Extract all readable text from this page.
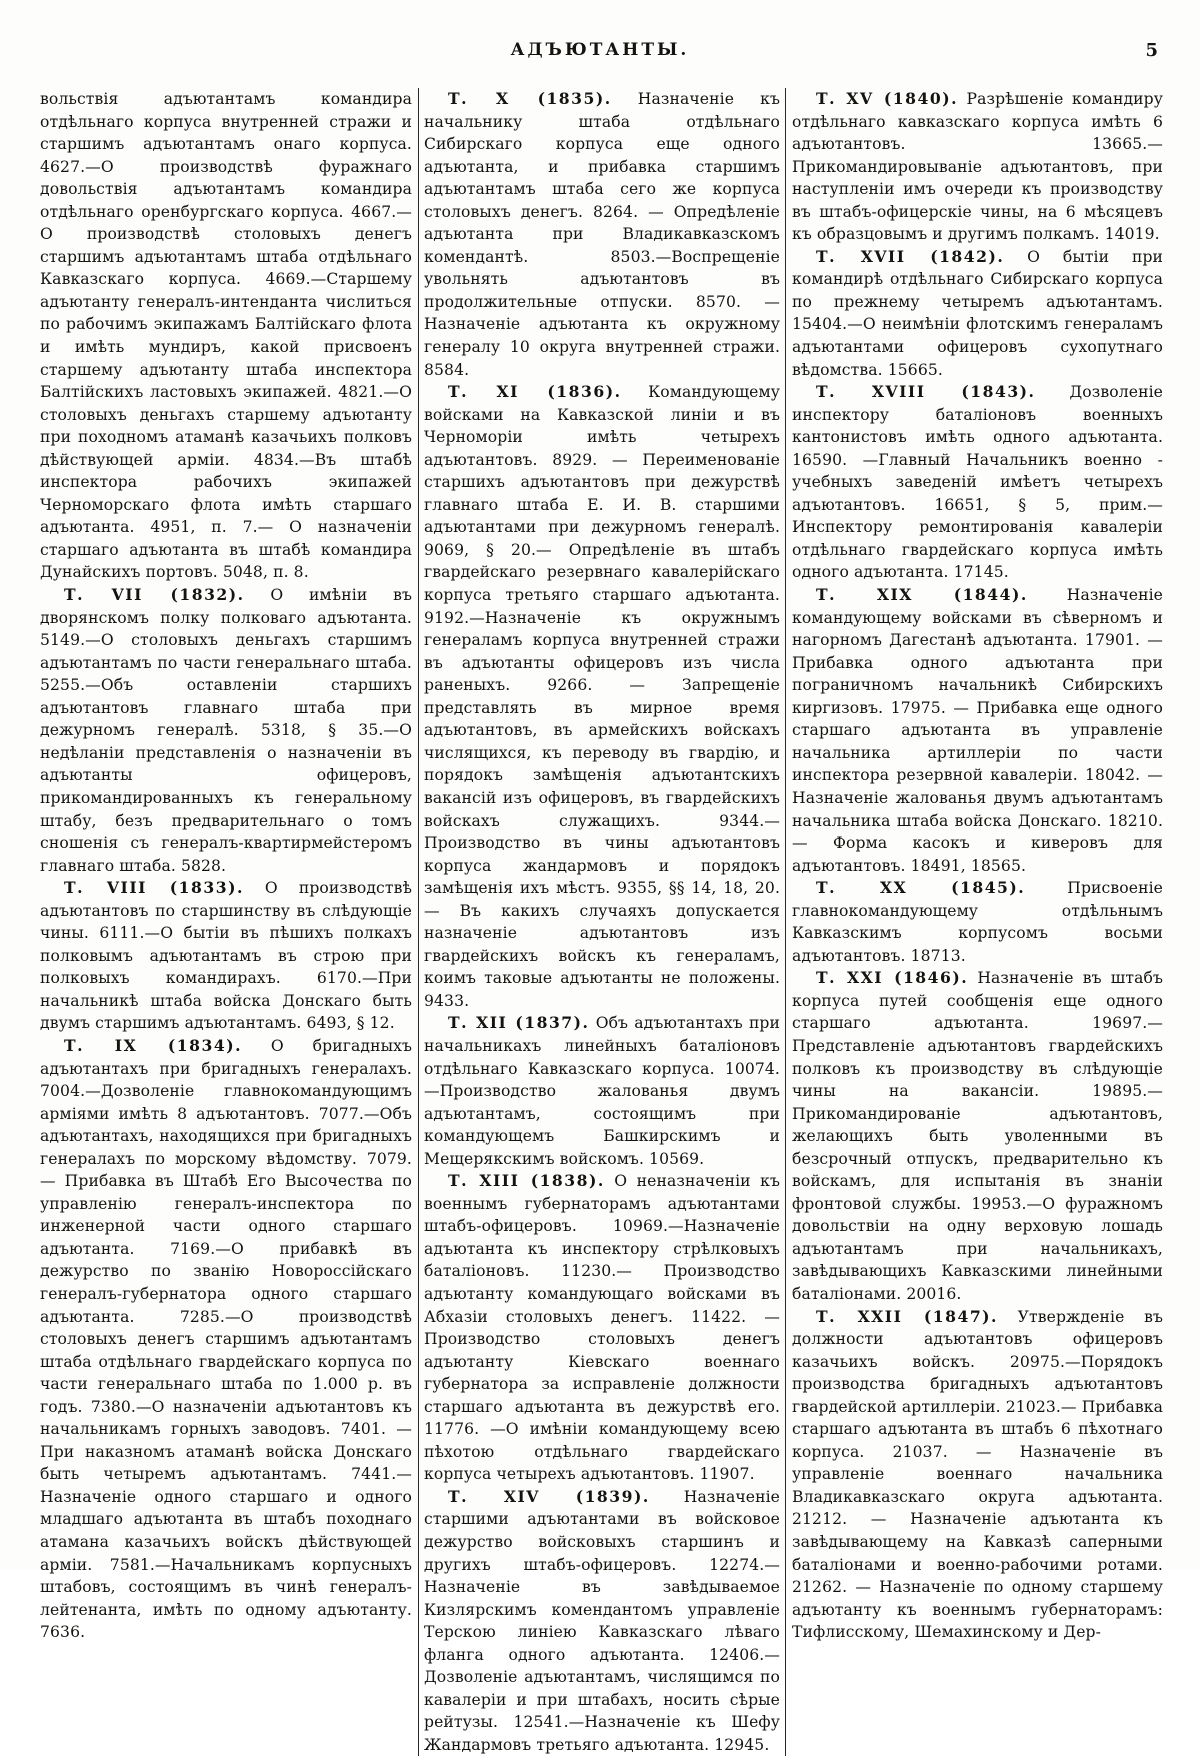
АДЪЮТАНТЫ.	5

вольствія адъютантамъ командира отдѣльнаго корпуса внутренней стражи и старшимъ адъютантамъ онаго корпуса. 4627.—О производствѣ фуражнаго довольствія адъютантамъ командира отдѣльнаго оренбургскаго корпуса. 4667.— О производствѣ столовыхъ денегъ старшимъ адъютантамъ штаба отдѣльнаго Кавказскаго корпуса. 4669.—Старшему адъютанту генералъ-интенданта числиться по рабочимъ экипажамъ Балтійскаго флота и имѣть мундиръ, какой присвоенъ старшему адъютанту штаба инспектора Балтійскихъ ластовыхъ экипажей. 4821.—О столовыхъ деньгахъ старшему адъютанту при походномъ атаманѣ казачьихъ полковъ дѣйствующей арміи. 4834.—Въ штабѣ инспектора рабочихъ экипажей Черноморскаго флота имѣть старшаго адъютанта. 4951, п. 7.— О назначеніи старшаго адъютанта въ штабѣ командира Дунайскихъ портовъ. 5048, п. 8.

Т. VII (1832). О имѣніи въ дворянскомъ полку полковаго адъютанта. 5149.—О столовыхъ деньгахъ старшимъ адъютантамъ по части генеральнаго штаба. 5255.—Объ оставленіи старшихъ адъютантовъ главнаго штаба при дежурномъ генералѣ. 5318, § 35.—О недѣланіи представленія о назначеніи въ адъютанты офицеровъ, прикомандированныхъ къ генеральному штабу, безъ предварительнаго о томъ сношенія съ генералъ-квартирмейстеромъ главнаго штаба. 5828.

Т. VIII (1833). О производствѣ адъютантовъ по старшинству въ слѣдующіе чины. 6111.—О бытіи въ пѣшихъ полкахъ полковымъ адъютантамъ въ строю при полковыхъ командирахъ. 6170.—При начальникѣ штаба войска Донскаго быть двумъ старшимъ адъютантамъ. 6493, § 12.

Т. IX (1834). О бригадныхъ адъютантахъ при бригадныхъ генералахъ. 7004.—Дозволеніе главнокомандующимъ арміями имѣть 8 адъютантовъ. 7077.—Объ адъютантахъ, находящихся при бригадныхъ генералахъ по морскому вѣдомству. 7079. — Прибавка въ Штабѣ Его Высочества по управленію генералъ-инспектора по инженерной части одного старшаго адъютанта. 7169.—О прибавкѣ въ дежурство по званію Новороссійскаго генералъ-губернатора одного старшаго адъютанта. 7285.—О производствѣ столовыхъ денегъ старшимъ адъютантамъ штаба отдѣльнаго гвардейскаго корпуса по части генеральнаго штаба по 1.000 р. въ годъ. 7380.—О назначеніи адъютантовъ къ начальникамъ горныхъ заводовъ. 7401. — При наказномъ атаманѣ войска Донскаго быть четыремъ адъютантамъ. 7441.—Назначеніе одного старшаго и одного младшаго адъютанта въ штабъ походнаго атамана казачьихъ войскъ дѣйствующей арміи. 7581.—Начальникамъ корпусныхъ штабовъ, состоящимъ въ чинѣ генералъ-лейтенанта, имѣть по одному адъютанту. 7636.

Т. X (1835). Назначеніе къ начальнику штаба отдѣльнаго Сибирскаго корпуса еще одного адъютанта, и прибавка старшимъ адъютантамъ штаба сего же корпуса столовыхъ денегъ. 8264. — Опредѣленіе адъютанта при Владикавказскомъ комендантѣ. 8503.—Воспрещеніе увольнять адъютантовъ въ продолжительные отпуски. 8570. — Назначеніе адъютанта къ окружному генералу 10 округа внутренней стражи. 8584.

Т. XI (1836). Командующему войсками на Кавказской линіи и въ Черноморіи имѣть четырехъ адъютантовъ. 8929. — Переименованіе старшихъ адъютантовъ при дежурствѣ главнаго штаба Е. И. В. старшими адъютантами при дежурномъ генералѣ. 9069, § 20.— Опредѣленіе въ штабъ гвардейскаго резервнаго кавалерійскаго корпуса третьяго старшаго адъютанта. 9192.—Назначеніе къ окружнымъ генераламъ корпуса внутренней стражи въ адъютанты офицеровъ изъ числа раненыхъ. 9266. — Запрещеніе представлять въ мирное время адъютантовъ, въ армейскихъ войскахъ числящихся, къ переводу въ гвардію, и порядокъ замѣщенія адъютантскихъ вакансій изъ офицеровъ, въ гвардейскихъ войскахъ служащихъ. 9344.—Производство въ чины адъютантовъ корпуса жандармовъ и порядокъ замѣщенія ихъ мѣстъ. 9355, §§ 14, 18, 20. — Въ какихъ случаяхъ допускается назначеніе адъютантовъ изъ гвардейскихъ войскъ къ генераламъ, коимъ таковые адъютанты не положены. 9433.

Т. XII (1837). Объ адъютантахъ при начальникахъ линейныхъ баталіоновъ отдѣльнаго Кавказскаго корпуса. 10074.—Производство жалованья двумъ адъютантамъ, состоящимъ при командующемъ Башкирскимъ и Мещерякскимъ войскомъ. 10569.

Т. XIII (1838). О неназначеніи къ военнымъ губернаторамъ адъютантами штабъ-офицеровъ. 10969.—Назначеніе адъютанта къ инспектору стрѣлковыхъ баталіоновъ. 11230.— Производство адъютанту командующаго войсками въ Абхазіи столовыхъ денегъ. 11422. — Производство столовыхъ денегъ адъютанту Кіевскаго военнаго губернатора за исправленіе должности старшаго адъютанта въ дежурствѣ его. 11776. —О имѣніи командующему всею пѣхотою отдѣльнаго гвардейскаго корпуса четырехъ адъютантовъ. 11907.

Т. XIV (1839). Назначеніе старшими адъютантами въ войсковое дежурство войсковыхъ старшинъ и другихъ штабъ-офицеровъ. 12274.—Назначеніе въ завѣдываемое Кизлярскимъ комендантомъ управленіе Терскою линіею Кавказскаго лѣваго фланга одного адъютанта. 12406.— Дозволеніе адъютантамъ, числящимся по кавалеріи и при штабахъ, носить сѣрые рейтузы. 12541.—Назначеніе къ Шефу Жандармовъ третьяго адъютанта. 12945.

Т. XV (1840). Разрѣшеніе командиру отдѣльнаго кавказскаго корпуса имѣть 6 адъютантовъ. 13665.—Прикомандировываніе адъютантовъ, при наступленіи имъ очереди къ производству въ штабъ-офицерскіе чины, на 6 мѣсяцевъ къ образцовымъ и другимъ полкамъ. 14019.

Т. XVII (1842). О бытіи при командирѣ отдѣльнаго Сибирскаго корпуса по прежнему четыремъ адъютантамъ. 15404.—О неимѣніи флотскимъ генераламъ адъютантами офицеровъ сухопутнаго вѣдомства. 15665.

Т. XVIII (1843). Дозволеніе инспектору баталіоновъ военныхъ кантонистовъ имѣть одного адъютанта. 16590. —Главный Начальникъ военно - учебныхъ заведеній имѣетъ четырехъ адъютантовъ. 16651, § 5, прим.— Инспектору ремонтированія кавалеріи отдѣльнаго гвардейскаго корпуса имѣть одного адъютанта. 17145.

Т. XIX (1844). Назначеніе командующему войсками въ сѣверномъ и нагорномъ Дагестанѣ адъютанта. 17901. — Прибавка одного адъютанта при пограничномъ начальникѣ Сибирскихъ киргизовъ. 17975. — Прибавка еще одного старшаго адъютанта въ управленіе начальника артиллеріи по части инспектора резервной кавалеріи. 18042. — Назначеніе жалованья двумъ адъютантамъ начальника штаба войска Донскаго. 18210.— Форма касокъ и киверовъ для адъютантовъ. 18491, 18565.

Т. XX (1845).	Присвоеніе главнокомандующему отдѣльнымъ Кавказскимъ корпусомъ восьми адъютантовъ. 18713.

Т. XXI (1846). Назначеніе въ штабъ корпуса путей сообщенія еще одного старшаго адъютанта. 19697.—Представленіе адъютантовъ гвардейскихъ полковъ къ производству въ слѣдующіе чины на вакансіи. 19895.— Прикомандированіе адъютантовъ, желающихъ быть уволенными въ безсрочный отпускъ, предварительно къ войскамъ, для испытанія въ знаніи фронтовой службы. 19953.—О фуражномъ довольствіи на одну верховую лошадь адъютантамъ при начальникахъ, завѣдывающихъ Кавказскими линейными баталіонами. 20016.

Т. XXII (1847). Утвержденіе въ должности адъютантовъ офицеровъ казачьихъ войскъ. 20975.—Порядокъ производства бригадныхъ адъютантовъ гвардейской артиллеріи. 21023.— Прибавка старшаго адъютанта въ штабъ 6 пѣхотнаго корпуса. 21037. — Назначеніе въ управленіе военнаго начальника Владикавказскаго округа адъютанта. 21212. — Назначеніе адъютанта къ завѣдывающему на Кавказѣ саперными баталіонами и военно-рабочими ротами. 21262. — Назначеніе по одному старшему адъютанту къ военнымъ губернаторамъ: Тифлисскому, Шемахинскому и Дер-
